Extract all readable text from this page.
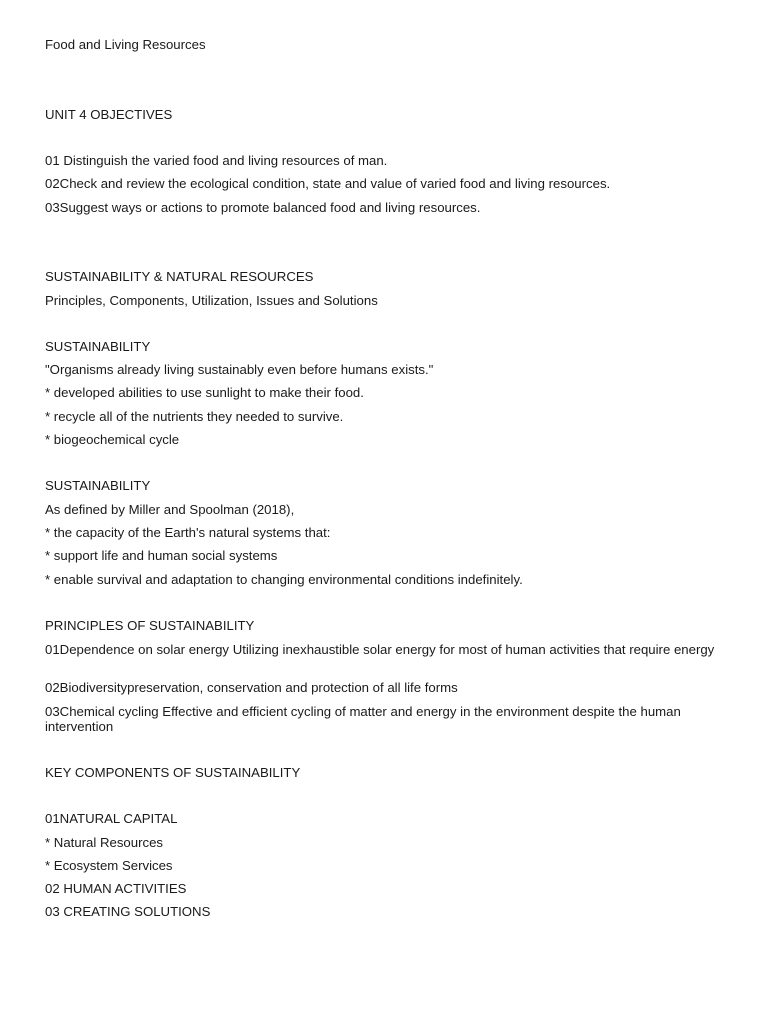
Food and Living Resources
UNIT 4 OBJECTIVES
01 Distinguish the varied food and living resources of man.
02Check and review the ecological condition, state and value of varied food and living resources.
03Suggest ways or actions to promote balanced food and living resources.
SUSTAINABILITY & NATURAL RESOURCES
Principles, Components, Utilization, Issues and Solutions
SUSTAINABILITY
"Organisms already living sustainably even before humans exists."
* developed abilities to use sunlight to make their food.
* recycle all of the nutrients they needed to survive.
* biogeochemical cycle
SUSTAINABILITY
As defined by Miller and Spoolman (2018),
* the capacity of the Earth's natural systems that:
* support life and human social systems
* enable survival and adaptation to changing environmental conditions indefinitely.
PRINCIPLES OF SUSTAINABILITY
01Dependence on solar energy Utilizing inexhaustible solar energy for most of human activities that require energy
02Biodiversitypreservation, conservation and protection of all life forms
03Chemical cycling Effective and efficient cycling of matter and energy in the environment despite the human intervention
KEY COMPONENTS OF SUSTAINABILITY
01NATURAL CAPITAL
* Natural Resources
* Ecosystem Services
02 HUMAN ACTIVITIES
03 CREATING SOLUTIONS
